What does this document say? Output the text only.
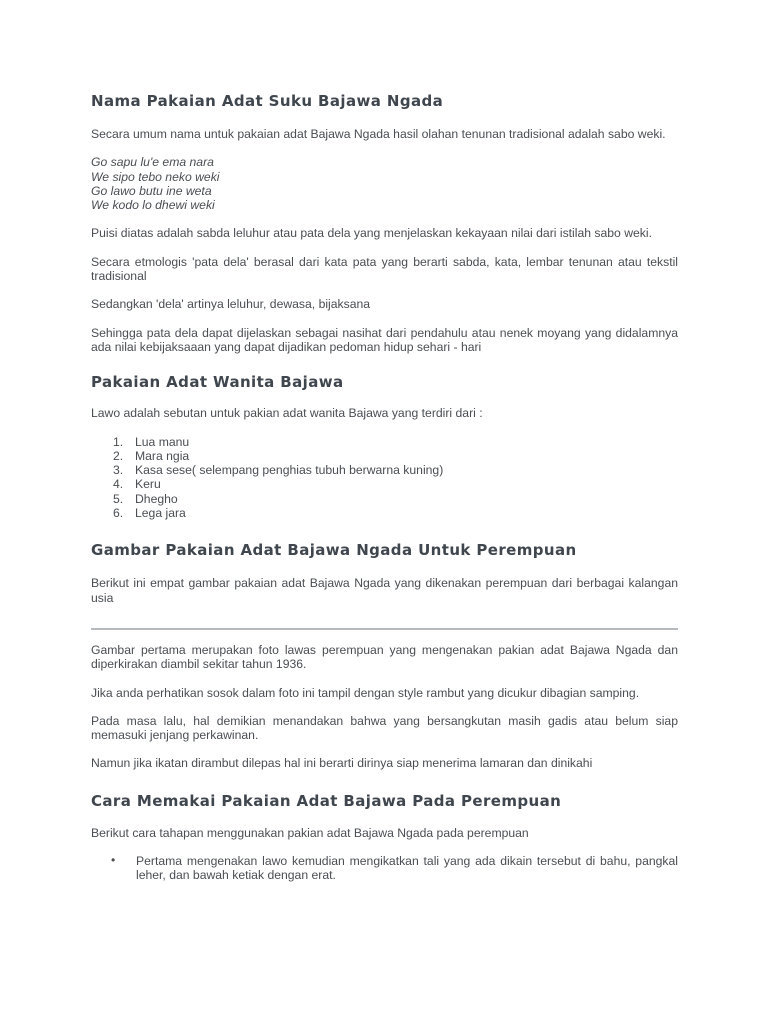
Nama Pakaian Adat Suku Bajawa Ngada

Secara umum nama untuk pakaian adat Bajawa Ngada hasil olahan tenunan tradisional adalah sabo weki.

Go sapu lu'e ema nara
We sipo tebo neko weki
Go lawo butu ine weta
We kodo lo dhewi weki

Puisi diatas adalah sabda leluhur atau pata dela yang menjelaskan kekayaan nilai dari istilah sabo weki.

Secara etmologis 'pata dela' berasal dari kata pata yang berarti sabda, kata, lembar tenunan atau tekstil tradisional

Sedangkan 'dela' artinya leluhur, dewasa, bijaksana

Sehingga pata dela dapat dijelaskan sebagai nasihat dari pendahulu atau nenek moyang yang didalamnya ada nilai kebijaksaaan yang dapat dijadikan pedoman hidup sehari - hari

Pakaian Adat Wanita Bajawa

Lawo adalah sebutan untuk pakian adat wanita Bajawa yang terdiri dari :

1. Lua manu
2. Mara ngia
3. Kasa sese( selempang penghias tubuh berwarna kuning)
4. Keru
5. Dhegho
6. Lega jara
Gambar Pakaian Adat Bajawa Ngada Untuk Perempuan

Berikut ini empat gambar pakaian adat Bajawa Ngada yang dikenakan perempuan dari berbagai kalangan usia

Gambar pertama merupakan foto lawas perempuan yang mengenakan pakian adat Bajawa Ngada dan diperkirakan diambil sekitar tahun 1936.

Jika anda perhatikan sosok dalam foto ini tampil dengan style rambut yang dicukur dibagian samping.

Pada masa lalu, hal demikian menandakan bahwa yang bersangkutan masih gadis atau belum siap memasuki jenjang perkawinan.

Namun jika ikatan dirambut dilepas hal ini berarti dirinya siap menerima lamaran dan dinikahi

Cara Memakai Pakaian Adat Bajawa Pada Perempuan

Berikut cara tahapan menggunakan pakian adat Bajawa Ngada pada perempuan

•	Pertama mengenakan lawo kemudian mengikatkan tali yang ada dikain tersebut di bahu, pangkal leher, dan bawah ketiak dengan erat.
